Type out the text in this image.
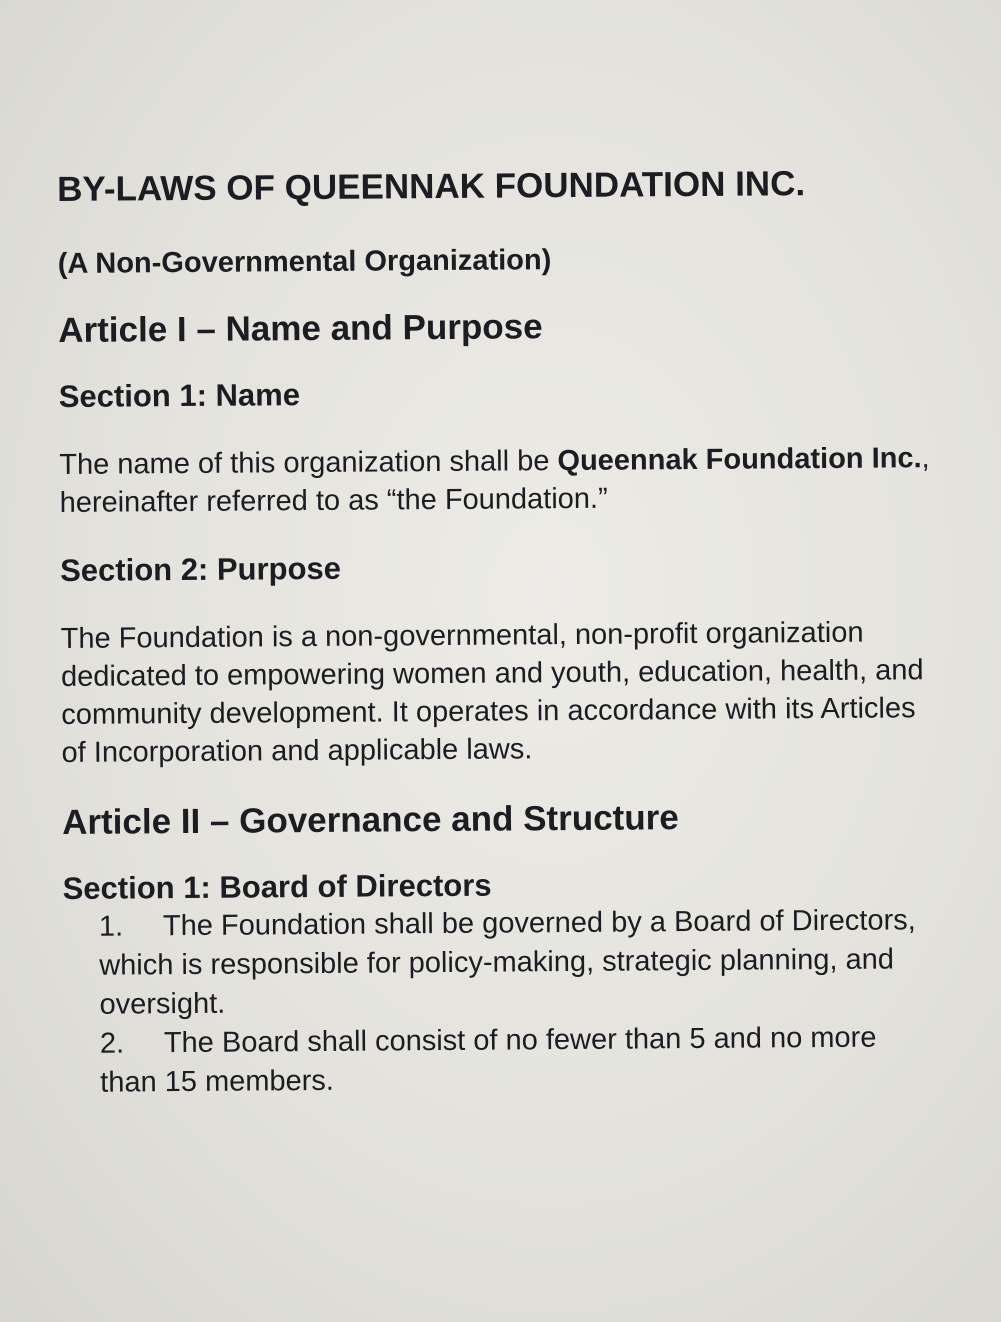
BY-LAWS OF QUEENNAK FOUNDATION INC.
(A Non-Governmental Organization)
Article I – Name and Purpose
Section 1: Name

The name of this organization shall be Queennak Foundation Inc., hereinafter referred to as “the Foundation.”

Section 2: Purpose

The Foundation is a non-governmental, non-profit organization dedicated to empowering women and youth, education, health, and community development. It operates in accordance with its Articles of Incorporation and applicable laws.

Article II – Governance and Structure
Section 1: Board of Directors
1. The Foundation shall be governed by a Board of Directors, which is responsible for policy-making, strategic planning, and oversight.
2. The Board shall consist of no fewer than 5 and no more than 15 members.
